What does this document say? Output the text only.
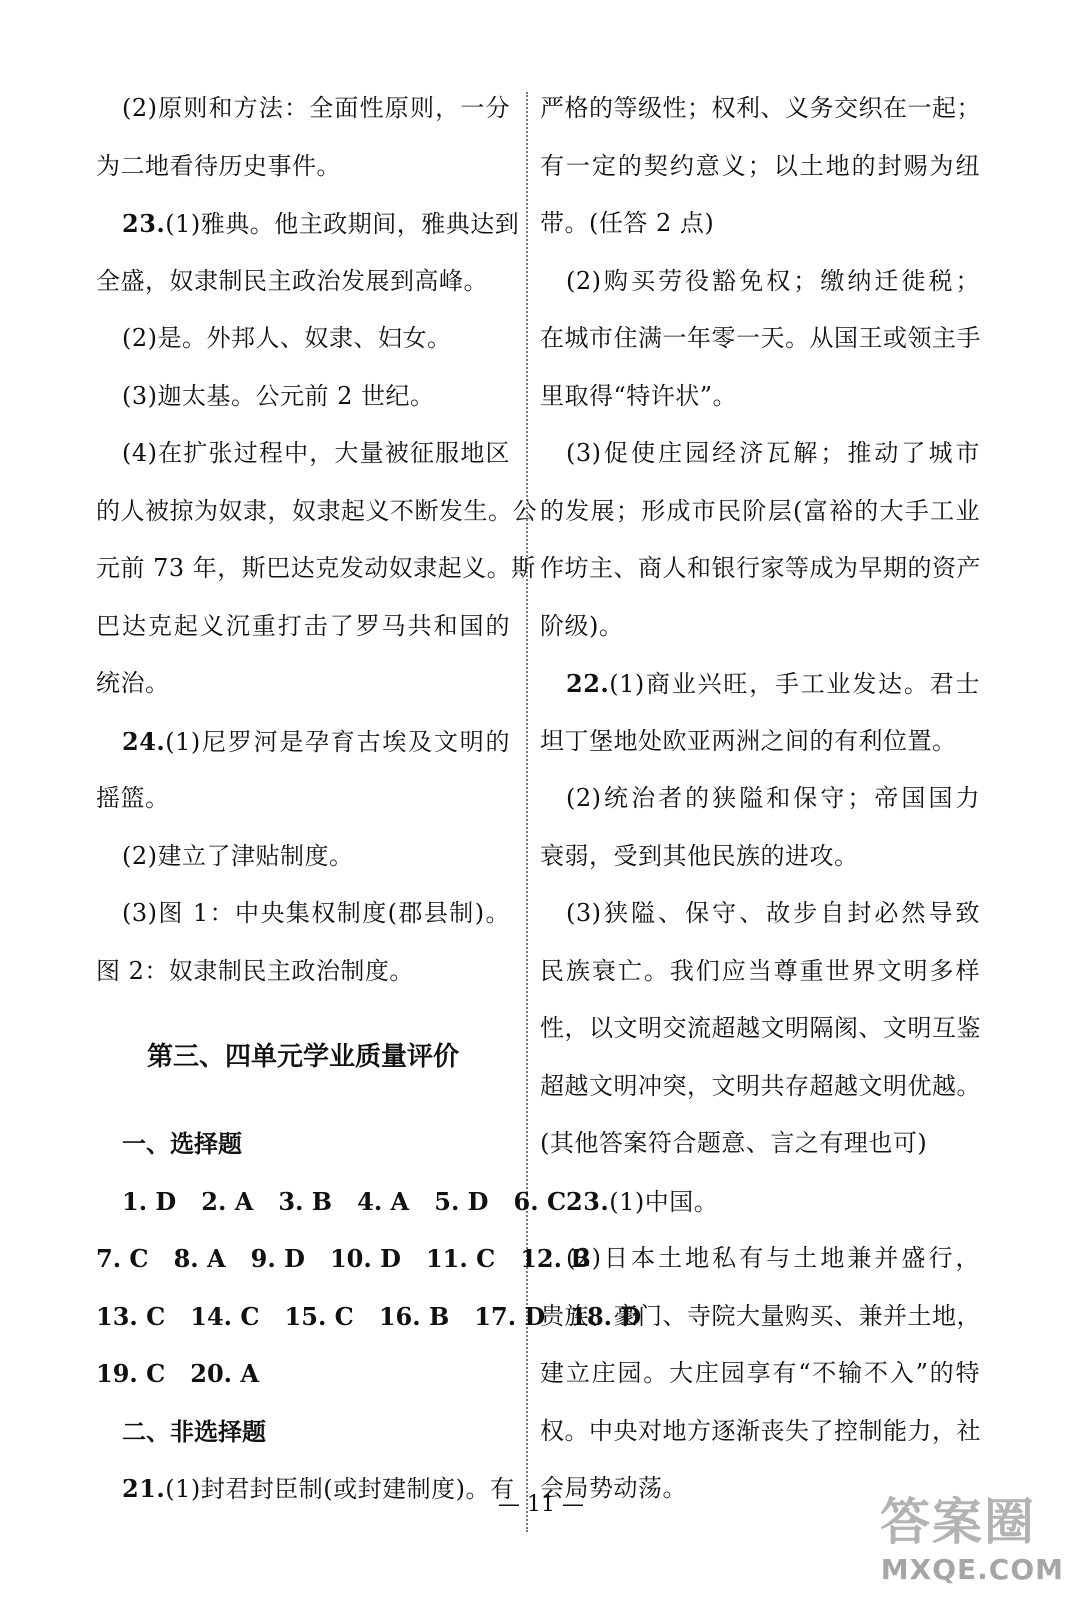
(2)原则和方法：全面性原则，一分
为二地看待历史事件。
23.(1)雅典。他主政期间，雅典达到
全盛，奴隶制民主政治发展到高峰。
(2)是。外邦人、奴隶、妇女。
(3)迦太基。公元前 2 世纪。
(4)在扩张过程中，大量被征服地区
的人被掠为奴隶，奴隶起义不断发生。公
元前 73 年，斯巴达克发动奴隶起义。斯
巴达克起义沉重打击了罗马共和国的
统治。
24.(1)尼罗河是孕育古埃及文明的
摇篮。
(2)建立了津贴制度。
(3)图 1：中央集权制度(郡县制)。
图 2：奴隶制民主政治制度。
第三、四单元学业质量评价
一、选择题
1. D   2. A   3. B   4. A   5. D   6. C
7. C   8. A   9. D   10. D   11. C   12. B
13. C   14. C   15. C   16. B   17. D   18. D
19. C   20. A
二、非选择题
21.(1)封君封臣制(或封建制度)。有
严格的等级性；权利、义务交织在一起；
有一定的契约意义；以土地的封赐为纽
带。(任答 2 点)
(2)购买劳役豁免权；缴纳迁徙税；
在城市住满一年零一天。从国王或领主手
里取得“特许状”。
(3)促使庄园经济瓦解；推动了城市
的发展；形成市民阶层(富裕的大手工业
作坊主、商人和银行家等成为早期的资产
阶级)。
22.(1)商业兴旺，手工业发达。君士
坦丁堡地处欧亚两洲之间的有利位置。
(2)统治者的狭隘和保守；帝国国力
衰弱，受到其他民族的进攻。
(3)狭隘、保守、故步自封必然导致
民族衰亡。我们应当尊重世界文明多样
性，以文明交流超越文明隔阂、文明互鉴
超越文明冲突，文明共存超越文明优越。
(其他答案符合题意、言之有理也可)
23.(1)中国。
(2)日本土地私有与土地兼并盛行，
贵族、豪门、寺院大量购买、兼并土地，
建立庄园。大庄园享有“不输不入”的特
权。中央对地方逐渐丧失了控制能力，社
会局势动荡。
— 11 —	答案圈
MXQE.COM
